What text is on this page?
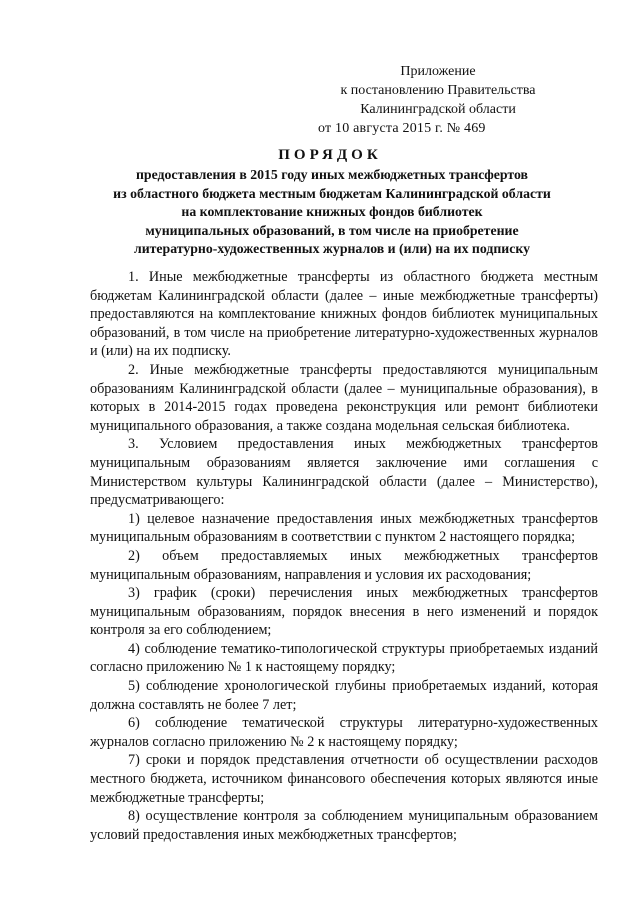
Приложение
к постановлению Правительства
Калининградской области
от 10 августа 2015 г. № 469
ПОРЯДОК
предоставления в 2015 году иных межбюджетных трансфертов
из областного бюджета местным бюджетам Калининградской области
на комплектование книжных фондов библиотек
муниципальных образований, в том числе на приобретение
литературно-художественных журналов и (или) на их подписку

1. Иные межбюджетные трансферты из областного бюджета местным бюджетам Калининградской области (далее – иные межбюджетные трансферты) предоставляются на комплектование книжных фондов библиотек муниципальных образований, в том числе на приобретение литературно-художественных журналов и (или) на их подписку.

2. Иные межбюджетные трансферты предоставляются муниципальным образованиям Калининградской области (далее – муниципальные образования), в которых в 2014-2015 годах проведена реконструкция или ремонт библиотеки муниципального образования, а также создана модельная сельская библиотека.

3. Условием предоставления иных межбюджетных трансфертов муниципальным образованиям является заключение ими соглашения с Министерством культуры Калининградской области (далее – Министерство), предусматривающего:

1) целевое назначение предоставления иных межбюджетных трансфертов муниципальным образованиям в соответствии с пунктом 2 настоящего порядка;

2) объем предоставляемых иных межбюджетных трансфертов муниципальным образованиям, направления и условия их расходования;

3) график (сроки) перечисления иных межбюджетных трансфертов муниципальным образованиям, порядок внесения в него изменений и порядок контроля за его соблюдением;

4) соблюдение тематико-типологической структуры приобретаемых изданий согласно приложению № 1 к настоящему порядку;

5) соблюдение хронологической глубины приобретаемых изданий, которая должна составлять не более 7 лет;

6) соблюдение тематической структуры литературно-художественных журналов согласно приложению № 2 к настоящему порядку;

7) сроки и порядок представления отчетности об осуществлении расходов местного бюджета, источником финансового обеспечения которых являются иные межбюджетные трансферты;

8) осуществление контроля за соблюдением муниципальным образованием условий предоставления иных межбюджетных трансфертов;
